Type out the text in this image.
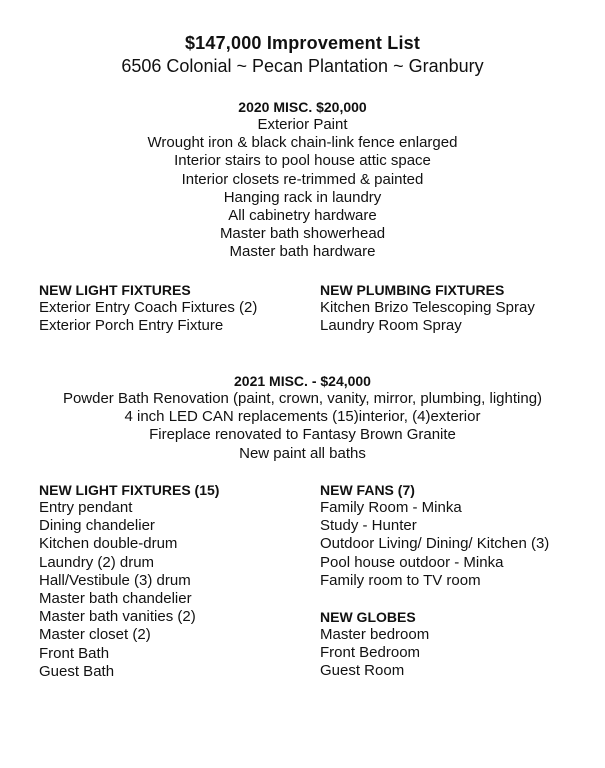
$147,000 Improvement List
6506 Colonial ~ Pecan Plantation ~ Granbury
2020 MISC. $20,000
Exterior Paint
Wrought iron & black chain-link fence enlarged
Interior stairs to pool house attic space
Interior closets re-trimmed & painted
Hanging rack in laundry
All cabinetry hardware
Master bath showerhead
Master bath hardware
NEW LIGHT FIXTURES
Exterior Entry Coach Fixtures (2)
Exterior Porch Entry Fixture
NEW PLUMBING FIXTURES
Kitchen Brizo Telescoping Spray
Laundry Room Spray
2021 MISC. - $24,000
Powder Bath Renovation (paint, crown, vanity, mirror, plumbing, lighting)
4 inch LED CAN replacements (15)interior, (4)exterior
Fireplace renovated to Fantasy Brown Granite
New paint all baths
NEW LIGHT FIXTURES (15)
Entry pendant
Dining chandelier
Kitchen double-drum
Laundry (2) drum
Hall/Vestibule (3) drum
Master bath chandelier
Master bath vanities (2)
Master closet (2)
Front Bath
Guest Bath
NEW FANS (7)
Family Room - Minka
Study - Hunter
Outdoor Living/ Dining/ Kitchen (3)
Pool house outdoor - Minka
Family room to TV room
NEW GLOBES
Master bedroom
Front Bedroom
Guest Room
